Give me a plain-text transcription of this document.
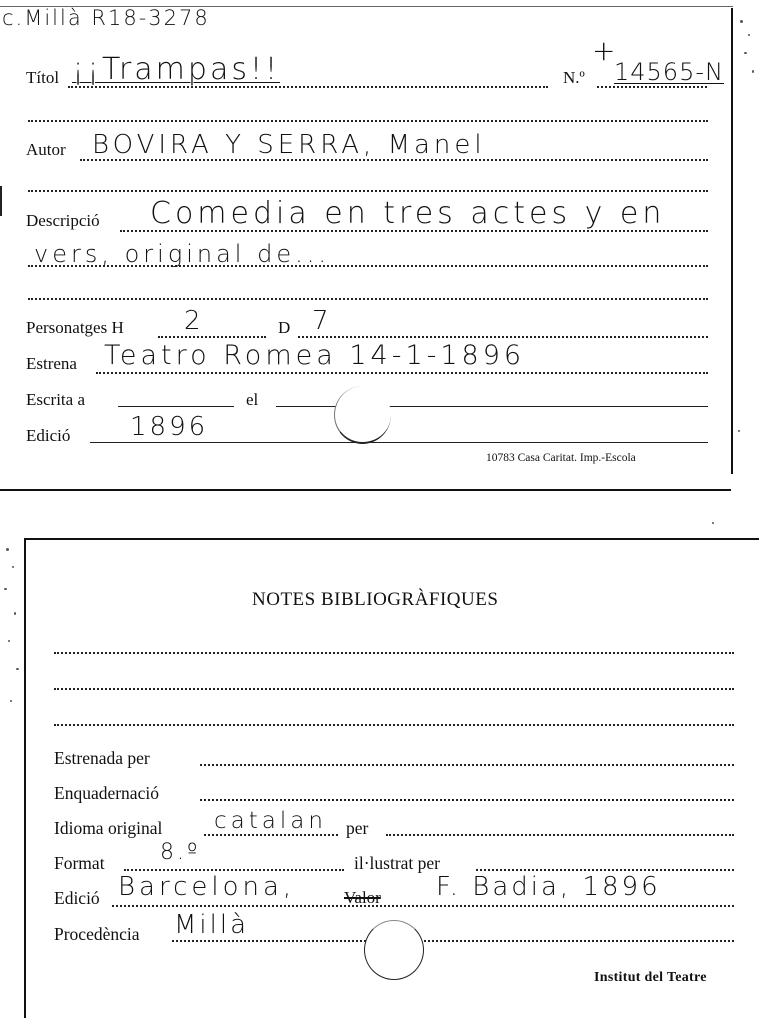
c.Millà R18-3278
Títol ¡¡Trampas!!	N.º 14565-N
+
Autor BOVIRA Y SERRA, Manel
Descripció Comedia en tres actes y en
vers, original de...
Personatges H 2	D 7
Estrena Teatro Romea 14-1-1896
Escrita a	el
Edició 1896
10783 Casa Caritat. Imp.-Escola
NOTES BIBLIOGRÀFIQUES
Estrenada per
Enquadernació
Idioma original catalan per
Format	8.º	il·lustrat per
Edició Barcelona,	Valor F. Badia, 1896
Procedència Millà
Institut del Teatre
